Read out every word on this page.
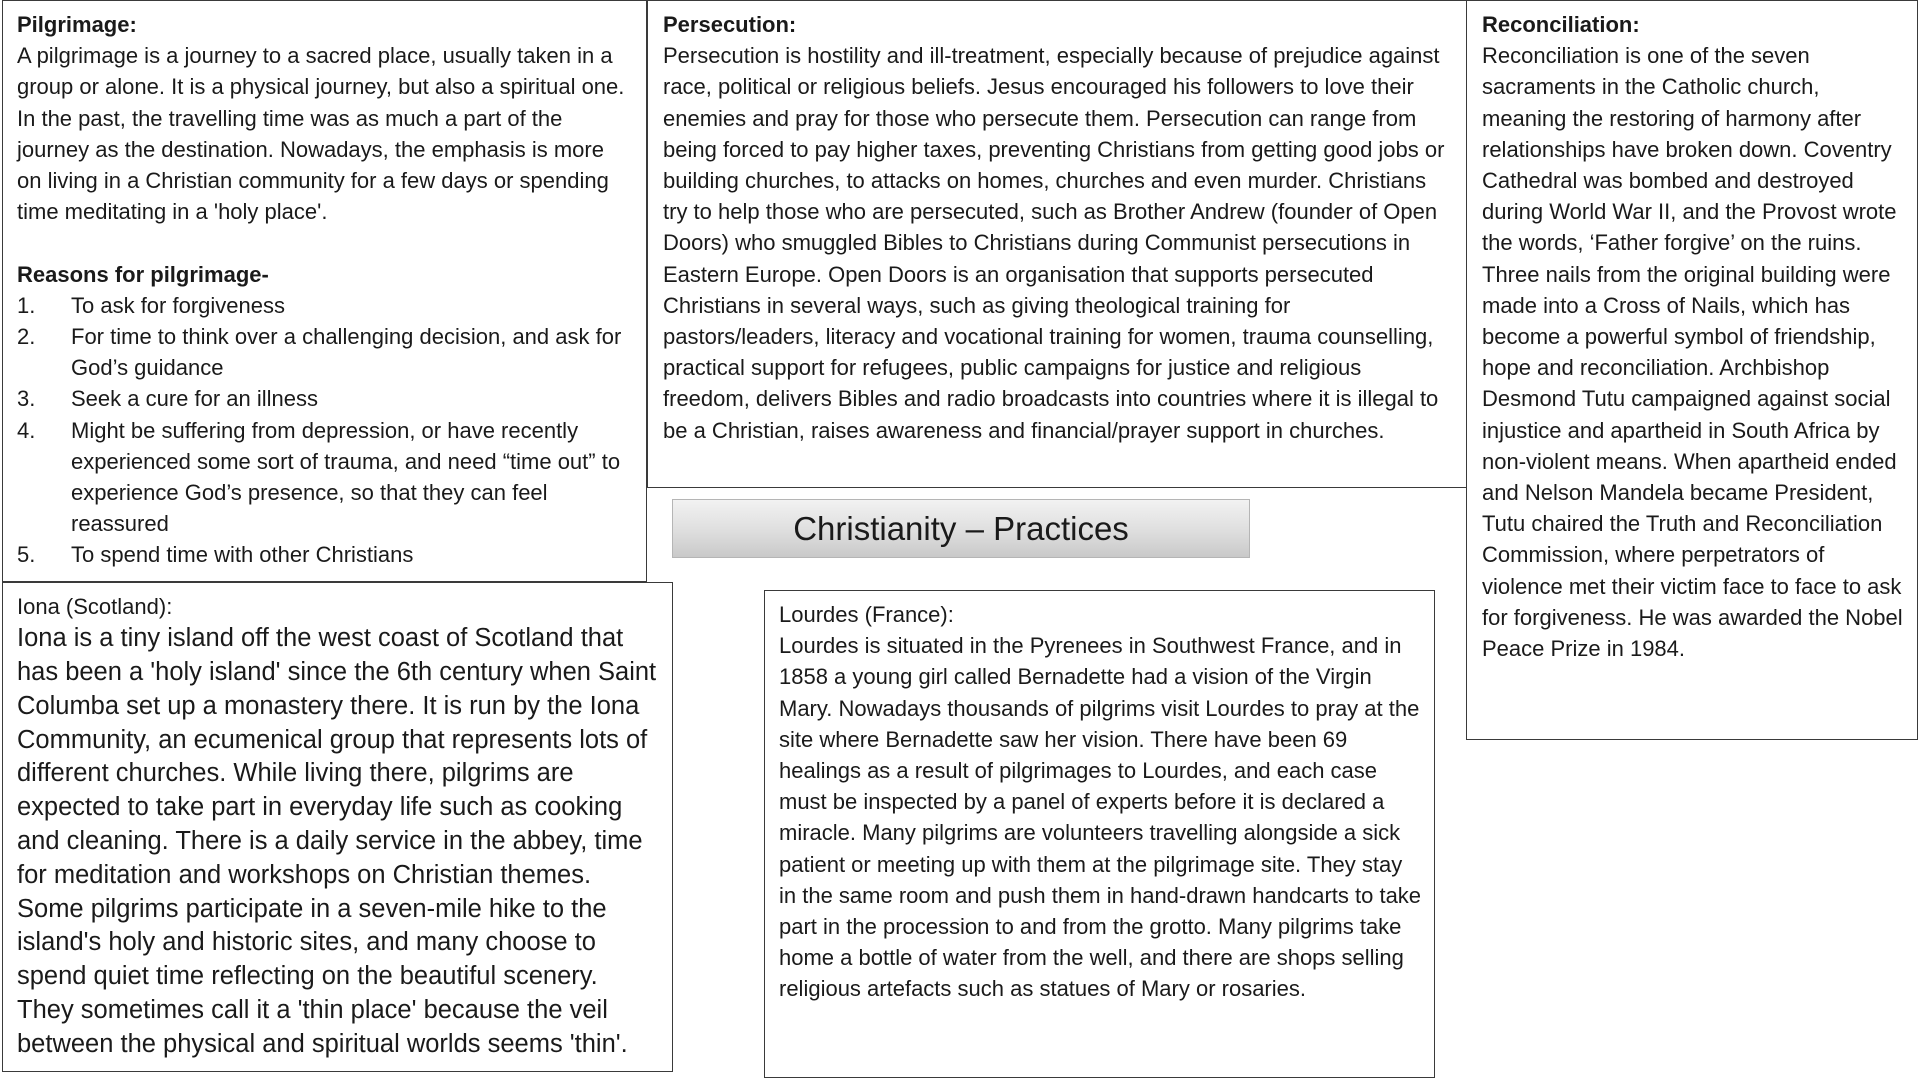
Pilgrimage:
A pilgrimage is a journey to a sacred place, usually taken in a group or alone. It is a physical journey, but also a spiritual one. In the past, the travelling time was as much a part of the journey as the destination. Nowadays, the emphasis is more on living in a Christian community for a few days or spending time meditating in a 'holy place'.
Reasons for pilgrimage-
1.	To ask for forgiveness
2.	For time to think over a challenging decision, and ask for God’s guidance
3.	Seek a cure for an illness
4.	Might be suffering from depression, or have recently experienced some sort of trauma, and need “time out” to experience God’s presence, so that they can feel reassured
5.	To spend time with other Christians
Persecution:
Persecution is hostility and ill-treatment, especially because of prejudice against race, political or religious beliefs. Jesus encouraged his followers to love their enemies and pray for those who persecute them. Persecution can range from being forced to pay higher taxes, preventing Christians from getting good jobs or building churches, to attacks on homes, churches and even murder. Christians try to help those who are persecuted, such as Brother Andrew (founder of Open Doors) who smuggled Bibles to Christians during Communist persecutions in Eastern Europe. Open Doors is an organisation that supports persecuted Christians in several ways, such as giving theological training for pastors/leaders, literacy and vocational training for women, trauma counselling, practical support for refugees, public campaigns for justice and religious freedom, delivers Bibles and radio broadcasts into countries where it is illegal to be a Christian, raises awareness and financial/prayer support in churches.
Reconciliation:
Reconciliation is one of the seven sacraments in the Catholic church, meaning the restoring of harmony after relationships have broken down. Coventry Cathedral was bombed and destroyed during World War II, and the Provost wrote the words, ‘Father forgive’ on the ruins. Three nails from the original building were made into a Cross of Nails, which has become a powerful symbol of friendship, hope and reconciliation. Archbishop Desmond Tutu campaigned against social injustice and apartheid in South Africa by non-violent means. When apartheid ended and Nelson Mandela became President, Tutu chaired the Truth and Reconciliation Commission, where perpetrators of violence met their victim face to face to ask for forgiveness. He was awarded the Nobel Peace Prize in 1984.
Christianity – Practices
Iona (Scotland):
Iona is a tiny island off the west coast of Scotland that has been a 'holy island' since the 6th century when Saint Columba set up a monastery there. It is run by the Iona Community, an ecumenical group that represents lots of different churches. While living there, pilgrims are expected to take part in everyday life such as cooking and cleaning. There is a daily service in the abbey, time for meditation and workshops on Christian themes. Some pilgrims participate in a seven-mile hike to the island's holy and historic sites, and many choose to spend quiet time reflecting on the beautiful scenery. They sometimes call it a 'thin place' because the veil between the physical and spiritual worlds seems 'thin'.
Lourdes (France):
Lourdes is situated in the Pyrenees in Southwest France, and in 1858 a young girl called Bernadette had a vision of the Virgin Mary. Nowadays thousands of pilgrims visit Lourdes to pray at the site where Bernadette saw her vision. There have been 69 healings as a result of pilgrimages to Lourdes, and each case must be inspected by a panel of experts before it is declared a miracle. Many pilgrims are volunteers travelling alongside a sick patient or meeting up with them at the pilgrimage site. They stay in the same room and push them in hand-drawn handcarts to take part in the procession to and from the grotto. Many pilgrims take home a bottle of water from the well, and there are shops selling religious artefacts such as statues of Mary or rosaries.
